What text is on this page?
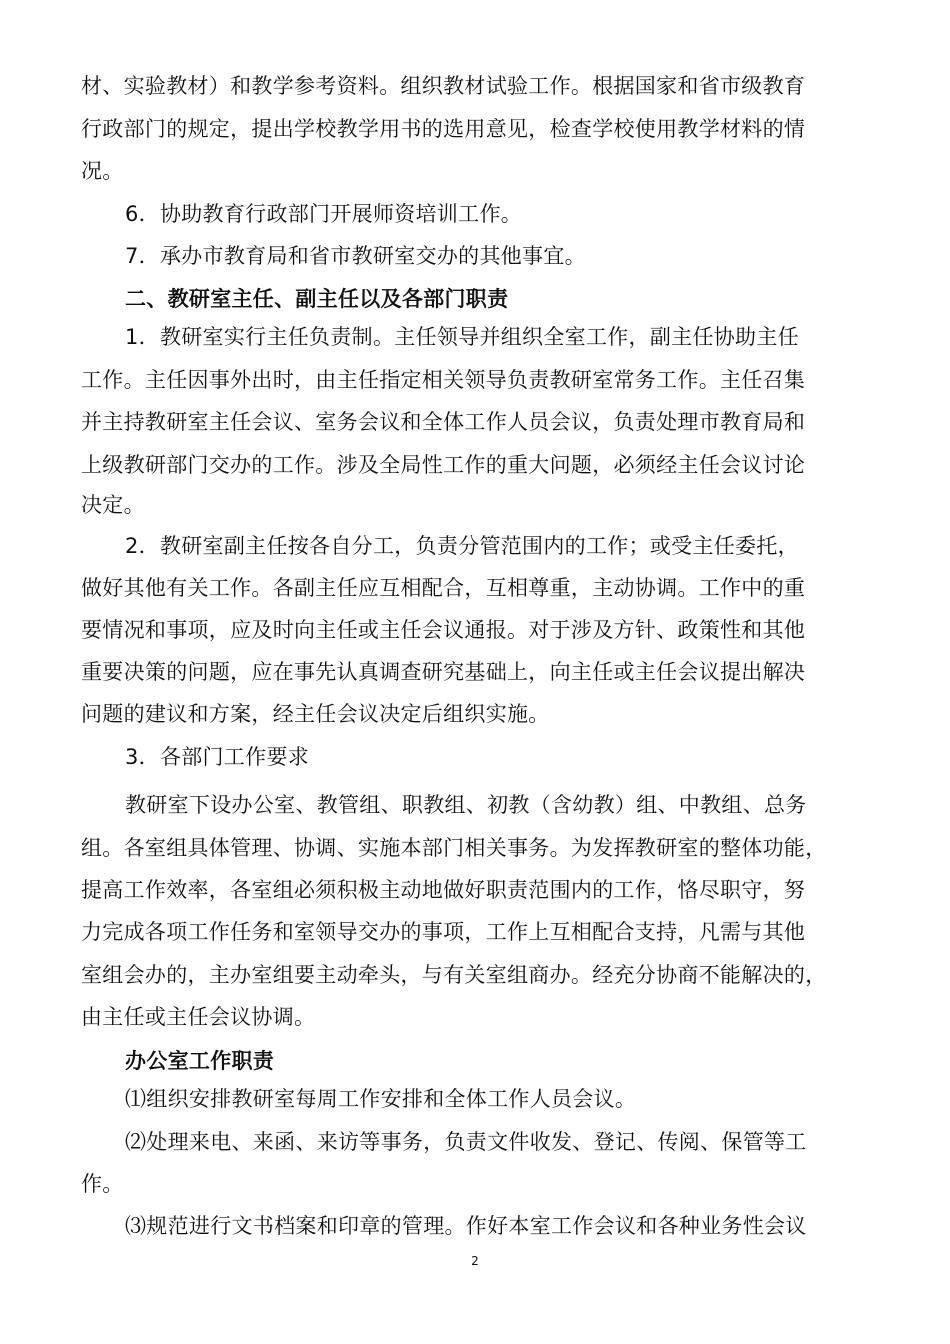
材、实验教材）和教学参考资料。组织教材试验工作。根据国家和省市级教育
行政部门的规定，提出学校教学用书的选用意见，检查学校使用教学材料的情
况。
6．协助教育行政部门开展师资培训工作。
7．承办市教育局和省市教研室交办的其他事宜。
二、教研室主任、副主任以及各部门职责
1．教研室实行主任负责制。主任领导并组织全室工作，副主任协助主任
工作。主任因事外出时，由主任指定相关领导负责教研室常务工作。主任召集
并主持教研室主任会议、室务会议和全体工作人员会议，负责处理市教育局和
上级教研部门交办的工作。涉及全局性工作的重大问题，必须经主任会议讨论
决定。
2．教研室副主任按各自分工，负责分管范围内的工作；或受主任委托，
做好其他有关工作。各副主任应互相配合，互相尊重，主动协调。工作中的重
要情况和事项，应及时向主任或主任会议通报。对于涉及方针、政策性和其他
重要决策的问题，应在事先认真调查研究基础上，向主任或主任会议提出解决
问题的建议和方案，经主任会议决定后组织实施。
3．各部门工作要求
教研室下设办公室、教管组、职教组、初教（含幼教）组、中教组、总务
组。各室组具体管理、协调、实施本部门相关事务。为发挥教研室的整体功能，
提高工作效率，各室组必须积极主动地做好职责范围内的工作，恪尽职守，努
力完成各项工作任务和室领导交办的事项，工作上互相配合支持，凡需与其他
室组会办的，主办室组要主动牵头，与有关室组商办。经充分协商不能解决的，
由主任或主任会议协调。
办公室工作职责
⑴组织安排教研室每周工作安排和全体工作人员会议。
⑵处理来电、来函、来访等事务，负责文件收发、登记、传阅、保管等工
作。
⑶规范进行文书档案和印章的管理。作好本室工作会议和各种业务性会议
2
